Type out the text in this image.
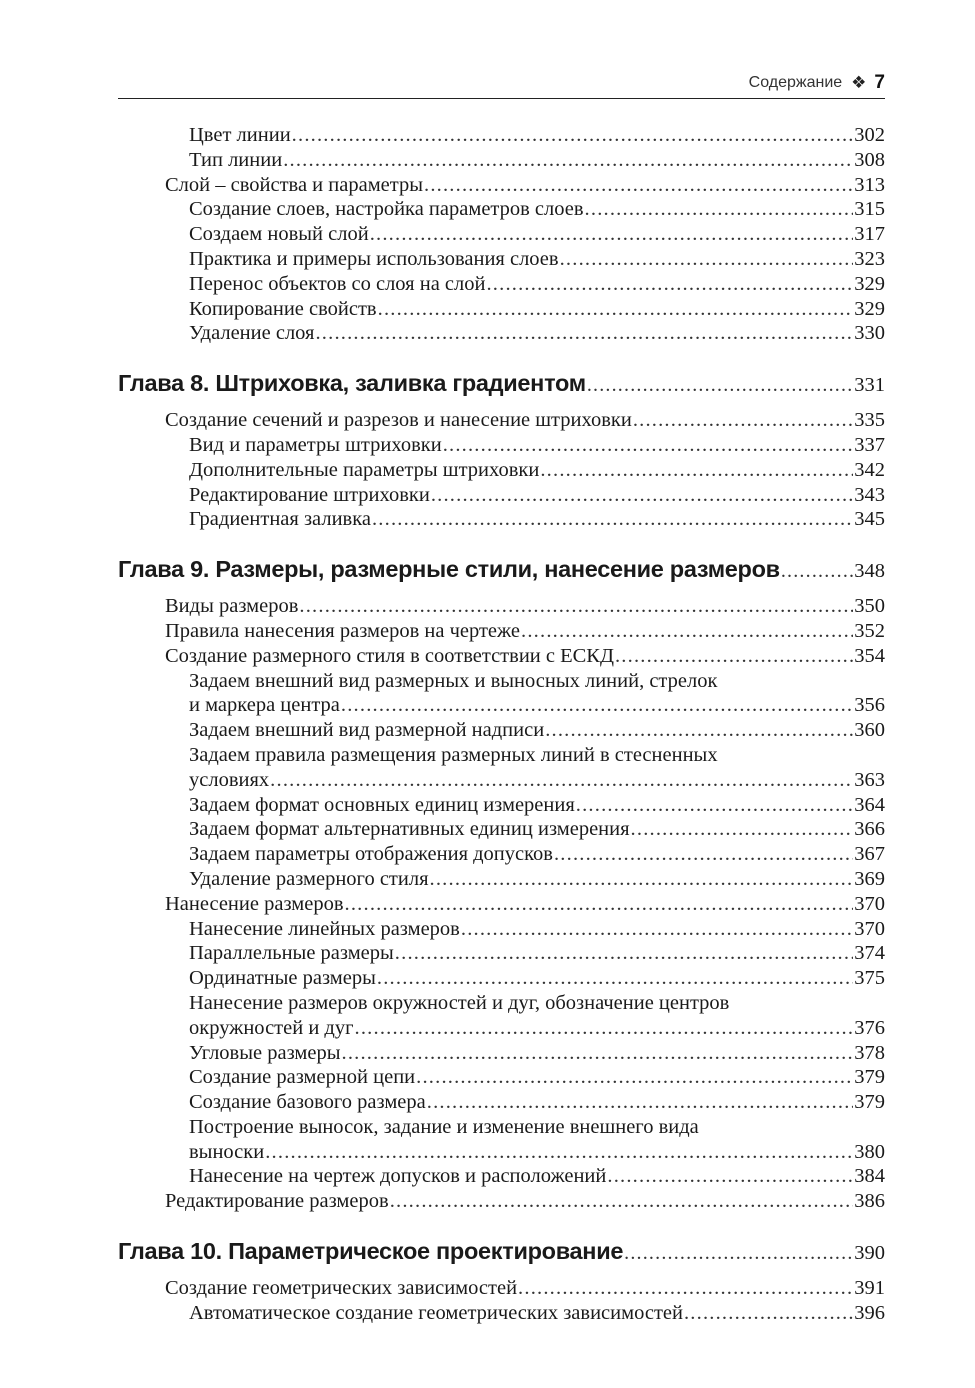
Содержание ❖ 7
Цвет линии .....	302
Тип линии .....	308
Слой – свойства и параметры .....	313
Создание слоев, настройка параметров слоев .....	315
Создаем новый слой .....	317
Практика и примеры использования слоев .....	323
Перенос объектов со слоя на слой .....	329
Копирование свойств .....	329
Удаление слоя .....	330
Глава 8. Штриховка, заливка градиентом .....	331
Создание сечений и разрезов и нанесение штриховки .....	335
Вид и параметры штриховки .....	337
Дополнительные параметры штриховки .....	342
Редактирование штриховки .....	343
Градиентная заливка .....	345
Глава 9. Размеры, размерные стили, нанесение размеров .....	348
Виды размеров .....	350
Правила нанесения размеров на чертеже .....	352
Создание размерного стиля в соответствии с ЕСКД .....	354
Задаем внешний вид размерных и выносных линий, стрелок
и маркера центра .....	356
Задаем внешний вид размерной надписи .....	360
Задаем правила размещения размерных линий в стесненных
условиях .....	363
Задаем формат основных единиц измерения .....	364
Задаем формат альтернативных единиц измерения .....	366
Задаем параметры отображения допусков .....	367
Удаление размерного стиля .....	369
Нанесение размеров .....	370
Нанесение линейных размеров .....	370
Параллельные размеры .....	374
Ординатные размеры .....	375
Нанесение размеров окружностей и дуг, обозначение центров
окружностей и дуг .....	376
Угловые размеры .....	378
Создание размерной цепи .....	379
Создание базового размера .....	379
Построение выносок, задание и изменение внешнего вида
выноски .....	380
Нанесение на чертеж допусков и расположений .....	384
Редактирование размеров .....	386
Глава 10. Параметрическое проектирование .....	390
Создание геометрических зависимостей .....	391
Автоматическое создание геометрических зависимостей .....	396
